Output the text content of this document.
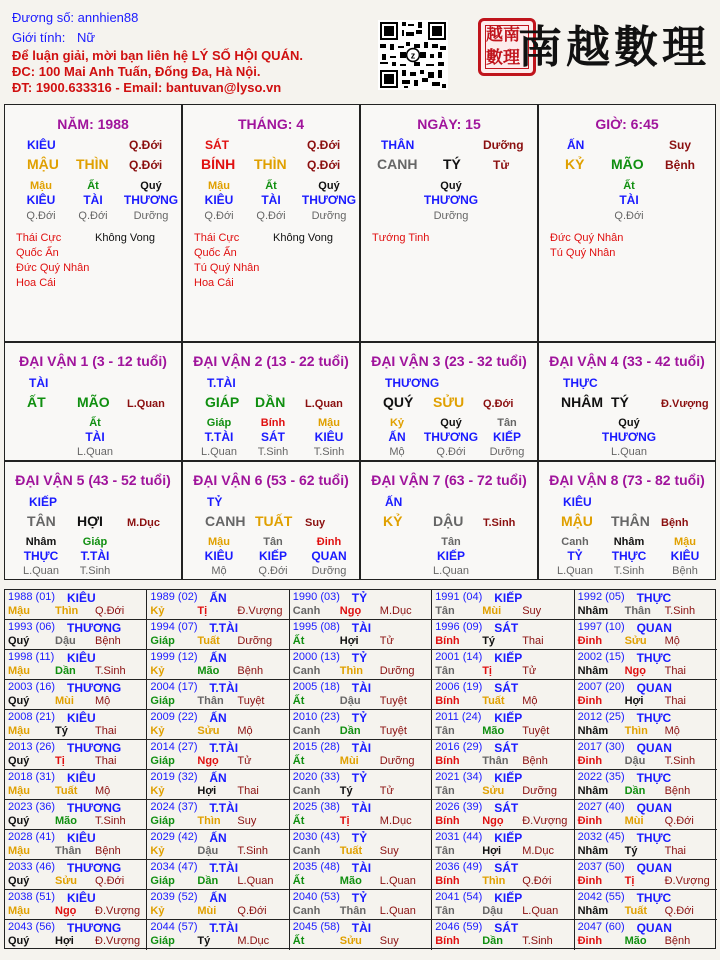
Đương số: annhien88
Giới tính: Nữ
Để luận giải, mời bạn liên hệ LÝ SỐ HỘI QUÁN.
ĐC: 100 Mai Anh Tuấn, Đống Đa, Hà Nội.
ĐT: 1900.633316 - Email: bantuvan@lyso.vn
z
越南數理
南越數理
NĂM: 1988
KIÊU	Q.Đới
MẬU THÌN Q.Đới
Mậu	Ất	Quý
KIÊU	TÀI	THƯƠNG
Q.Đới	Q.Đới	Dưỡng
Thái Cực	Không Vong
Quốc Ấn
Đức Quý Nhân
Hoa Cái
THÁNG: 4
SÁT	Q.Đới
BÍNH THÌN Q.Đới
Mậu	Ất	Quý
KIÊU	TÀI	THƯƠNG
Q.Đới	Q.Đới	Dưỡng
Thái Cực	Không Vong
Quốc Ấn
Tú Quý Nhân
Hoa Cái
NGÀY: 15
THÂN	Dưỡng
CANH TÝ	Tử
Quý
THƯƠNG
Dưỡng
Tướng Tinh
GIỜ: 6:45
ẤN	Suy
KỶ MÃO Bệnh
Ất
TÀI
Q.Đới
Đức Quý Nhân
Tú Quý Nhân
ĐẠI VẬN 1 (3 - 12 tuổi)
TÀI
ẤT MÃO L.Quan
Ất
TÀI
L.Quan
ĐẠI VẬN 2 (13 - 22 tuổi)
T.TÀI
GIÁP DẦN L.Quan
Giáp
T.TÀI
L.Quan
Bính
SÁT
T.Sinh
Mậu
KIÊU
T.Sinh
ĐẠI VẬN 3 (23 - 32 tuổi)
THƯƠNG
QUÝ SỬU Q.Đới
Kỷ
ẤN
Mộ
Quý
THƯƠNG
Q.Đới
Tân
KIẾP
Dưỡng
ĐẠI VẬN 4 (33 - 42 tuổi)
THỰC
NHÂM TÝ	Đ.Vượng
Quý
THƯƠNG
L.Quan
ĐẠI VẬN 5 (43 - 52 tuổi)
KIẾP
TÂN HỢI M.Dục
Nhâm
THỰC
L.Quan
Giáp
T.TÀI
T.Sinh
ĐẠI VẬN 6 (53 - 62 tuổi)
TỶ
CANH TUẤT Suy
Mậu
KIÊU
Mộ
Tân
KIẾP
Q.Đới
Đinh
QUAN
Dưỡng
ĐẠI VẬN 7 (63 - 72 tuổi)
ẤN
KỶ DẬU T.Sinh
Tân
KIẾP
L.Quan
ĐẠI VẬN 8 (73 - 82 tuổi)
KIÊU
MẬU THÂN Bệnh
Canh
TỶ
L.Quan
Nhâm
THỰC
T.Sinh
Mậu
KIÊU
Bệnh
1988 (01) KIÊU
Mậu Thìn Q.Đới
1989 (02) ẤN
Kỷ	Tị	Đ.Vượng
1990 (03) TỶ
Canh Ngọ M.Dục
1991 (04) KIẾP
Tân Mùi Suy
1992 (05) THỰC
Nhâm Thân T.Sinh
1993 (06) THƯƠNG
Quý Dậu Bệnh
1994 (07) T.TÀI
Giáp Tuất Dưỡng
1995 (08) TÀI
Ất	Hợi Tử
1996 (09) SÁT
Bính Tý Thai
1997 (10) QUAN
Đinh Sửu Mộ
1998 (11) KIÊU
Mậu Dần T.Sinh
1999 (12) ẤN
Kỷ	Mão Bệnh
2000 (13) TỶ
Canh Thìn Dưỡng
2001 (14) KIẾP
Tân Tị	Tử
2002 (15) THỰC
Nhâm Ngọ Thai
2003 (16) THƯƠNG
Quý Mùi Mộ
2004 (17) T.TÀI
Giáp Thân Tuyệt
2005 (18) TÀI
Ất	Dậu Tuyệt
2006 (19) SÁT
Bính Tuất Mộ
2007 (20) QUAN
Đinh Hợi Thai
2008 (21) KIÊU
Mậu Tý Thai
2009 (22) ẤN
Kỷ	Sửu Mộ
2010 (23) TỶ
Canh Dần Tuyệt
2011 (24) KIẾP
Tân Mão Tuyệt
2012 (25) THỰC
Nhâm Thìn Mộ
2013 (26) THƯƠNG
Quý Tị	Thai
2014 (27) T.TÀI
Giáp Ngọ Tử
2015 (28) TÀI
Ất	Mùi Dưỡng
2016 (29) SÁT
Bính Thân Bệnh
2017 (30) QUAN
Đinh Dậu T.Sinh
2018 (31) KIÊU
Mậu Tuất Mộ
2019 (32) ẤN
Kỷ	Hợi Thai
2020 (33) TỶ
Canh Tý Tử
2021 (34) KIẾP
Tân Sửu Dưỡng
2022 (35) THỰC
Nhâm Dần Bệnh
2023 (36) THƯƠNG
Quý Mão T.Sinh
2024 (37) T.TÀI
Giáp Thìn Suy
2025 (38) TÀI
Ất	Tị	M.Dục
2026 (39) SÁT
Bính Ngọ Đ.Vượng
2027 (40) QUAN
Đinh Mùi Q.Đới
2028 (41) KIÊU
Mậu Thân Bệnh
2029 (42) ẤN
Kỷ	Dậu T.Sinh
2030 (43) TỶ
Canh Tuất Suy
2031 (44) KIẾP
Tân Hợi M.Dục
2032 (45) THỰC
Nhâm Tý Thai
2033 (46) THƯƠNG
Quý Sửu Q.Đới
2034 (47) T.TÀI
Giáp Dần L.Quan
2035 (48) TÀI
Ất	Mão L.Quan
2036 (49) SÁT
Bính Thìn Q.Đới
2037 (50) QUAN
Đinh Tị	Đ.Vượng
2038 (51) KIÊU
Mậu Ngọ Đ.Vượng
2039 (52) ẤN
Kỷ	Mùi Q.Đới
2040 (53) TỶ
Canh Thân L.Quan
2041 (54) KIẾP
Tân Dậu L.Quan
2042 (55) THỰC
Nhâm Tuất Q.Đới
2043 (56) THƯƠNG
Quý Hợi Đ.Vượng
2044 (57) T.TÀI
Giáp Tý M.Dục
2045 (58) TÀI
Ất	Sửu Suy
2046 (59) SÁT
Bính Dần T.Sinh
2047 (60) QUAN
Đinh Mão Bệnh
